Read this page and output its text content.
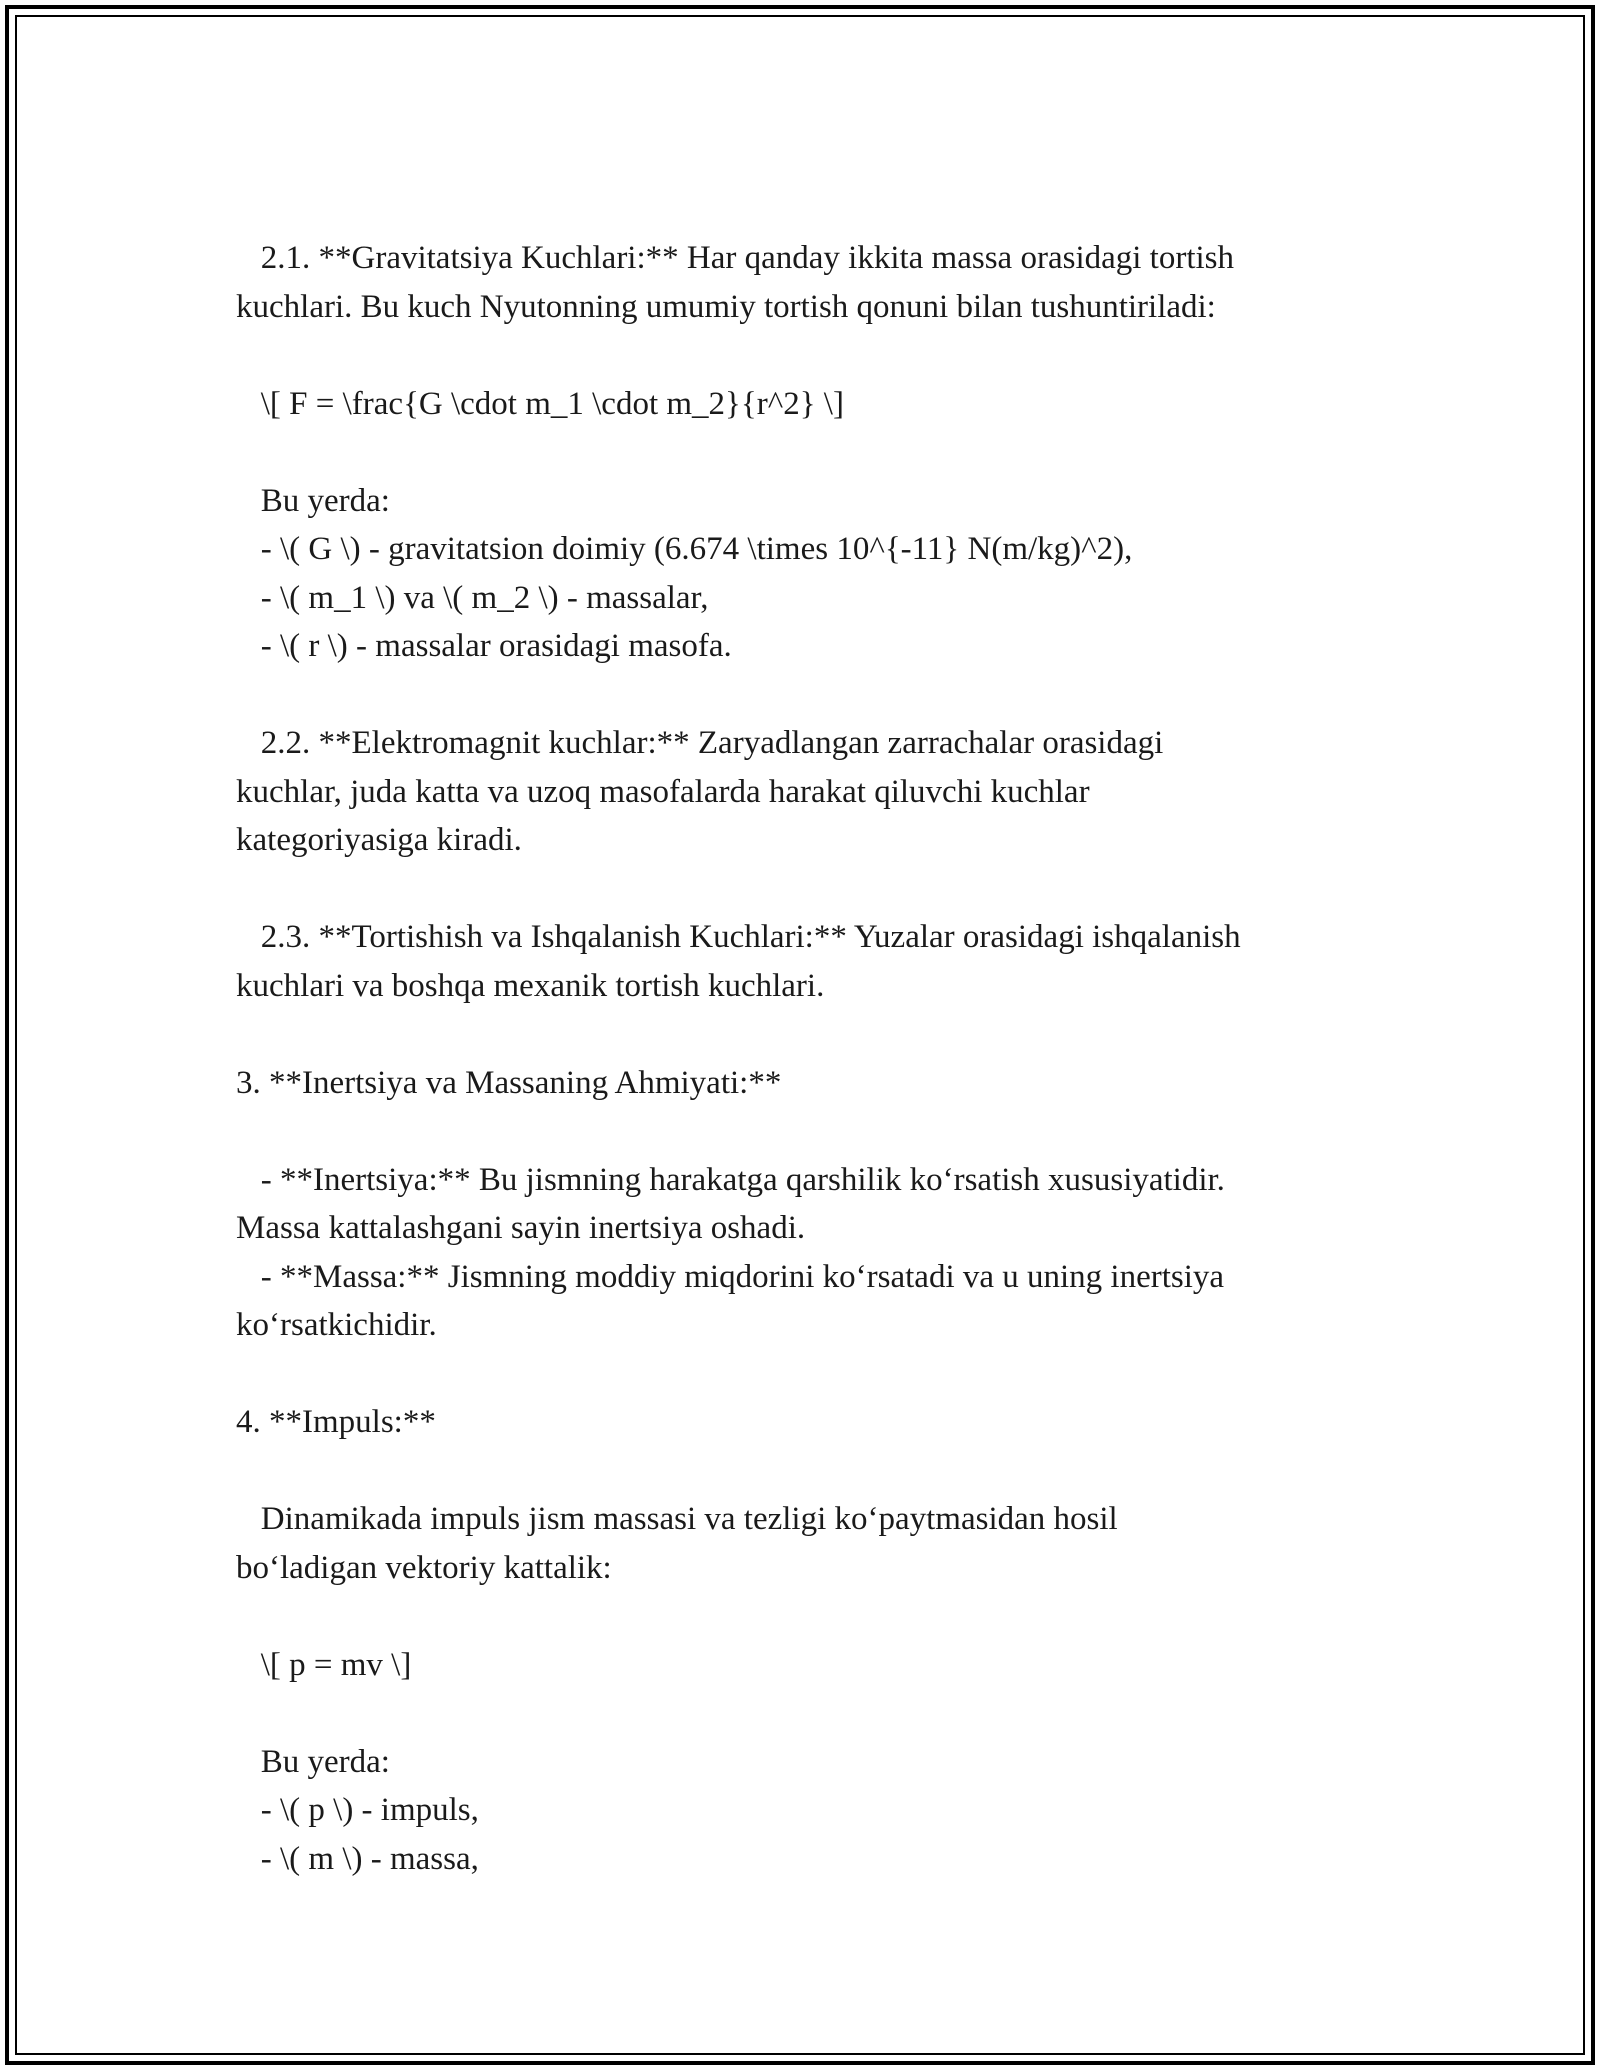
2.1. **Gravitatsiya Kuchlari:** Har qanday ikkita massa orasidagi tortish
kuchlari. Bu kuch Nyutonning umumiy tortish qonuni bilan tushuntiriladi:
\[ F = \frac{G \cdot m_1 \cdot m_2}{r^2} \]
Bu yerda:
- \( G \) - gravitatsion doimiy (6.674 \times 10^{-11} N(m/kg)^2),
- \( m_1 \) va \( m_2 \) - massalar,
- \( r \) - massalar orasidagi masofa.
2.2. **Elektromagnit kuchlar:** Zaryadlangan zarrachalar orasidagi
kuchlar, juda katta va uzoq masofalarda harakat qiluvchi kuchlar
kategoriyasiga kiradi.
2.3. **Tortishish va Ishqalanish Kuchlari:** Yuzalar orasidagi ishqalanish
kuchlari va boshqa mexanik tortish kuchlari.
3. **Inertsiya va Massaning Ahmiyati:**
- **Inertsiya:** Bu jismning harakatga qarshilik ko‘rsatish xususiyatidir.
Massa kattalashgani sayin inertsiya oshadi.
- **Massa:** Jismning moddiy miqdorini ko‘rsatadi va u uning inertsiya
ko‘rsatkichidir.
4. **Impuls:**
Dinamikada impuls jism massasi va tezligi ko‘paytmasidan hosil
bo‘ladigan vektoriy kattalik:
\[ p = mv \]
Bu yerda:
- \( p \) - impuls,
- \( m \) - massa,
